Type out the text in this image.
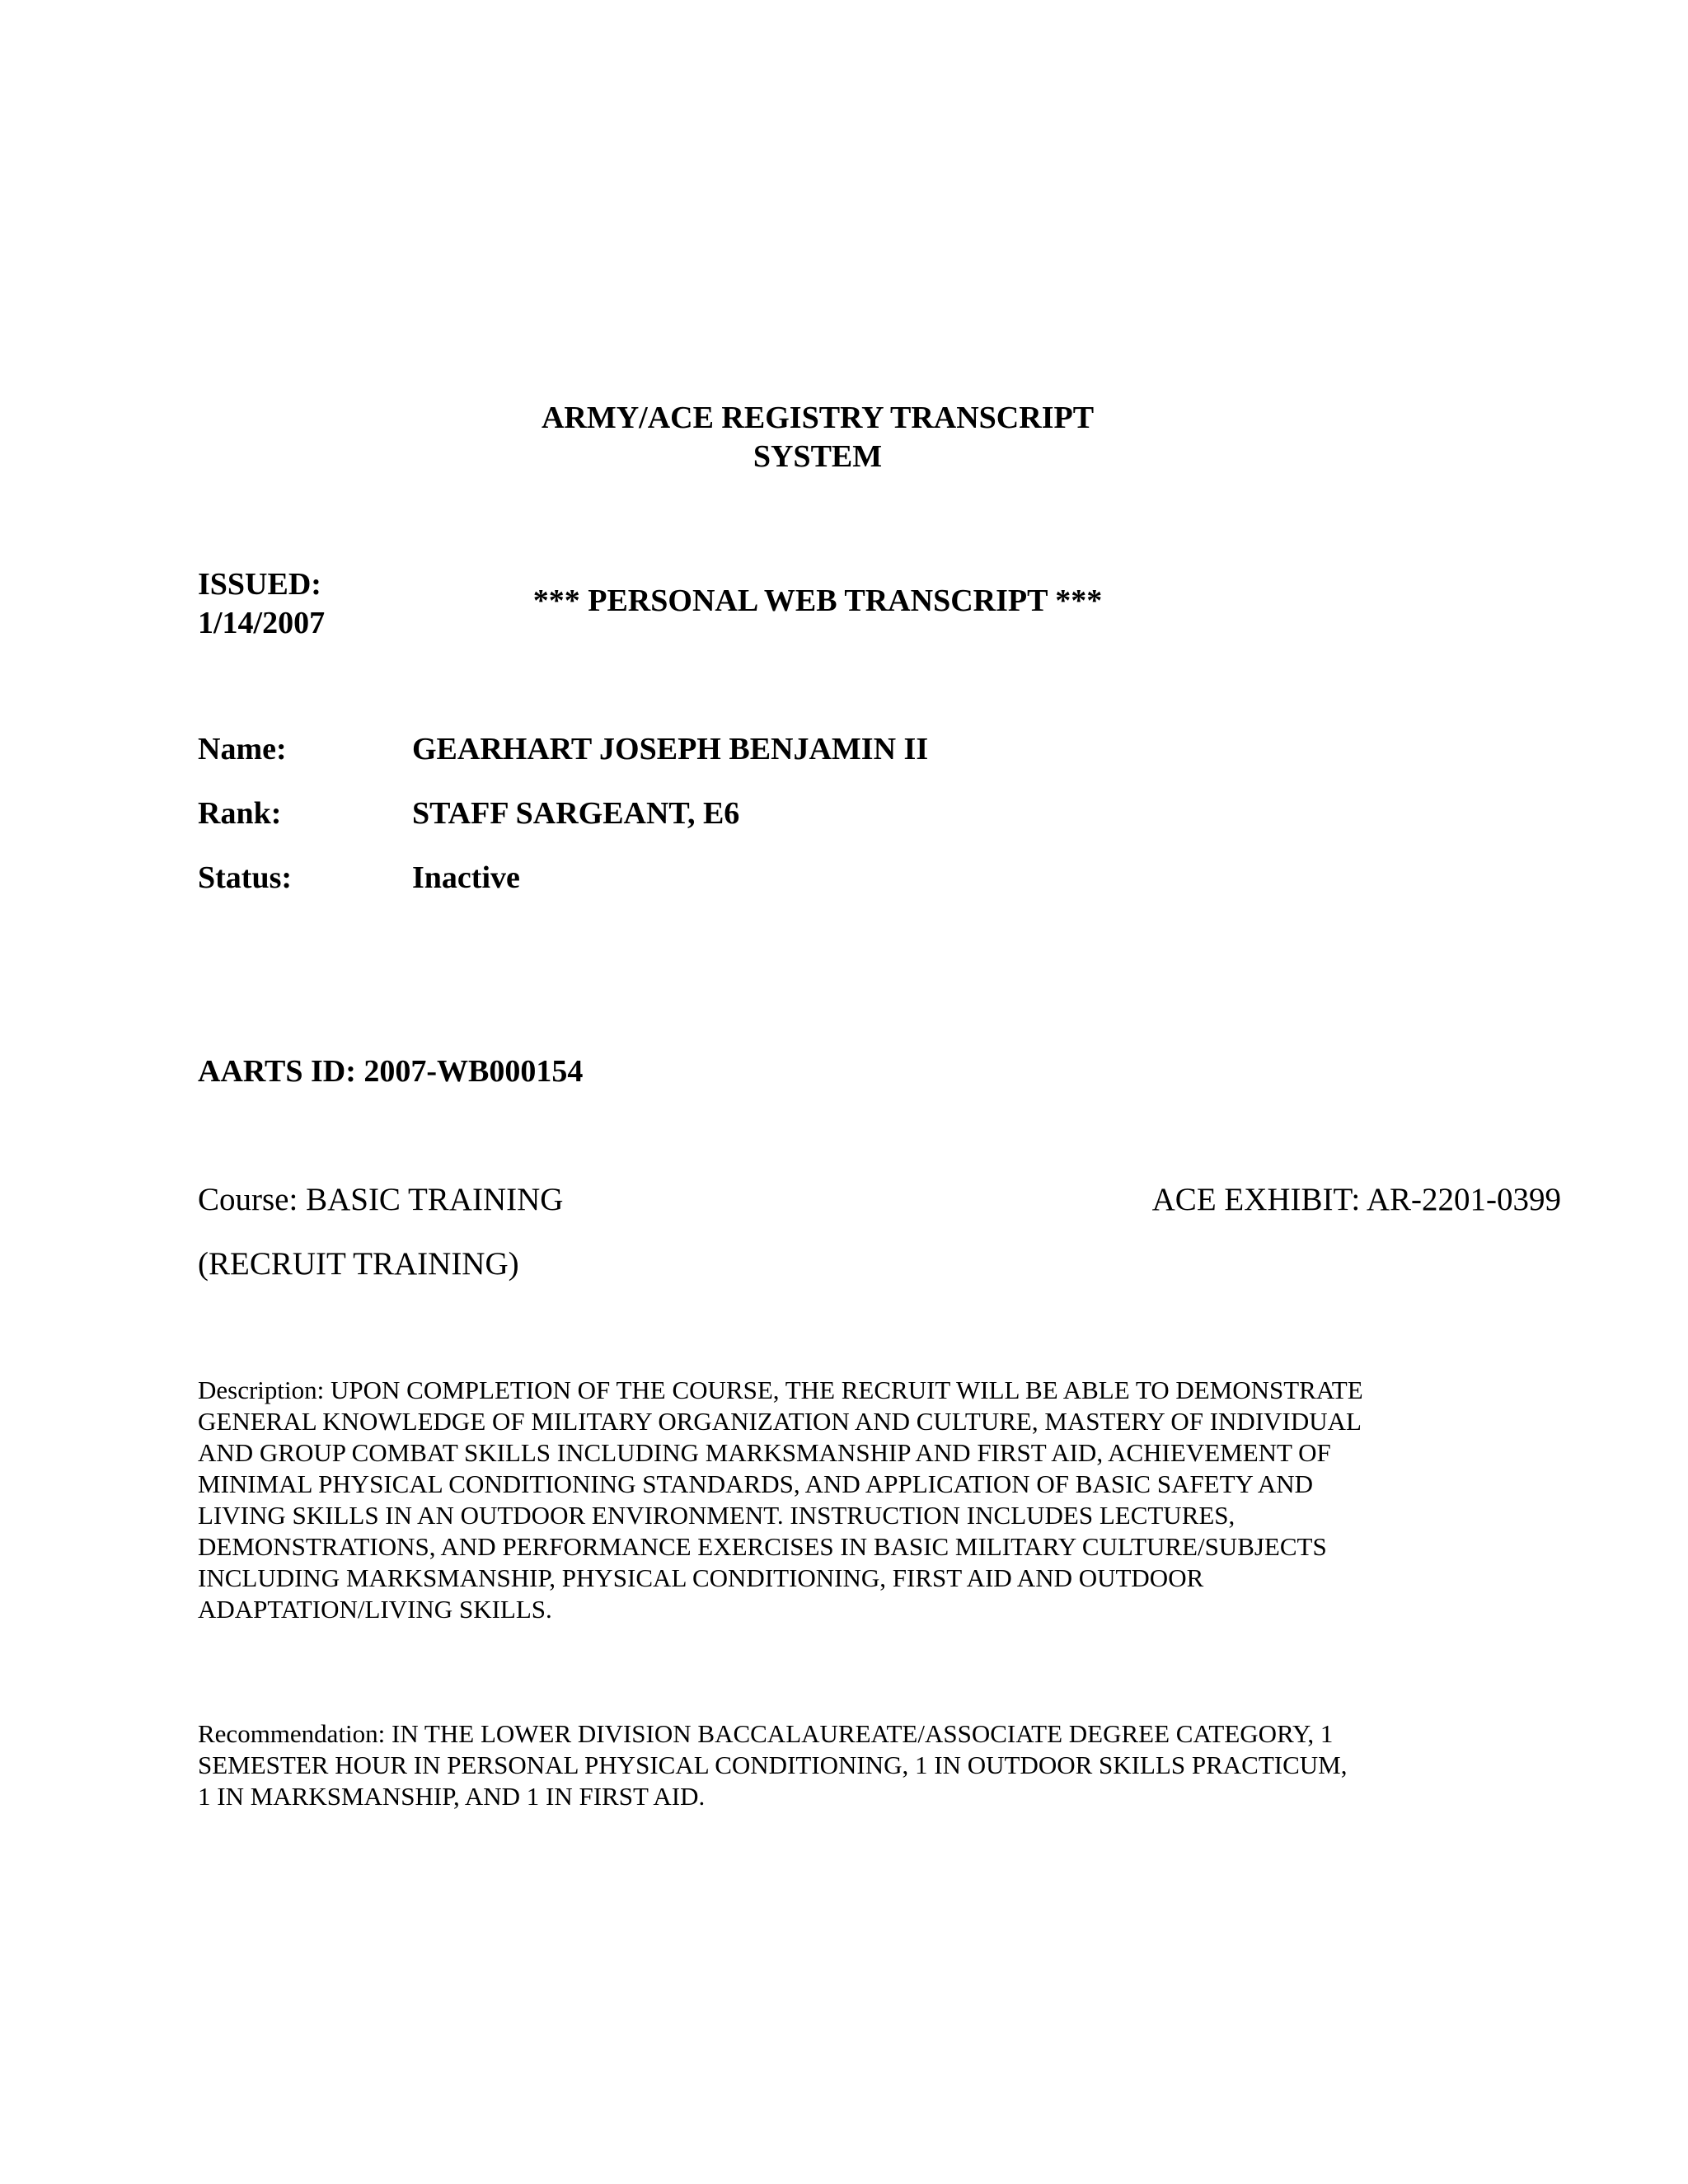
ARMY/ACE REGISTRY TRANSCRIPT
SYSTEM
ISSUED:
1/14/2007
*** PERSONAL WEB TRANSCRIPT ***
Name:	GEARHART JOSEPH BENJAMIN II
Rank:	STAFF SARGEANT, E6
Status:	Inactive
AARTS ID: 2007-WB000154
Course: BASIC TRAINING	ACE EXHIBIT: AR-2201-0399
(RECRUIT TRAINING)
Description: UPON COMPLETION OF THE COURSE, THE RECRUIT WILL BE ABLE TO DEMONSTRATE
GENERAL KNOWLEDGE OF MILITARY ORGANIZATION AND CULTURE, MASTERY OF INDIVIDUAL
AND GROUP COMBAT SKILLS INCLUDING MARKSMANSHIP AND FIRST AID, ACHIEVEMENT OF
MINIMAL PHYSICAL CONDITIONING STANDARDS, AND APPLICATION OF BASIC SAFETY AND
LIVING SKILLS IN AN OUTDOOR ENVIRONMENT. INSTRUCTION INCLUDES LECTURES,
DEMONSTRATIONS, AND PERFORMANCE EXERCISES IN BASIC MILITARY CULTURE/SUBJECTS
INCLUDING MARKSMANSHIP, PHYSICAL CONDITIONING, FIRST AID AND OUTDOOR
ADAPTATION/LIVING SKILLS.
Recommendation: IN THE LOWER DIVISION BACCALAUREATE/ASSOCIATE DEGREE CATEGORY, 1
SEMESTER HOUR IN PERSONAL PHYSICAL CONDITIONING, 1 IN OUTDOOR SKILLS PRACTICUM,
1 IN MARKSMANSHIP, AND 1 IN FIRST AID.
